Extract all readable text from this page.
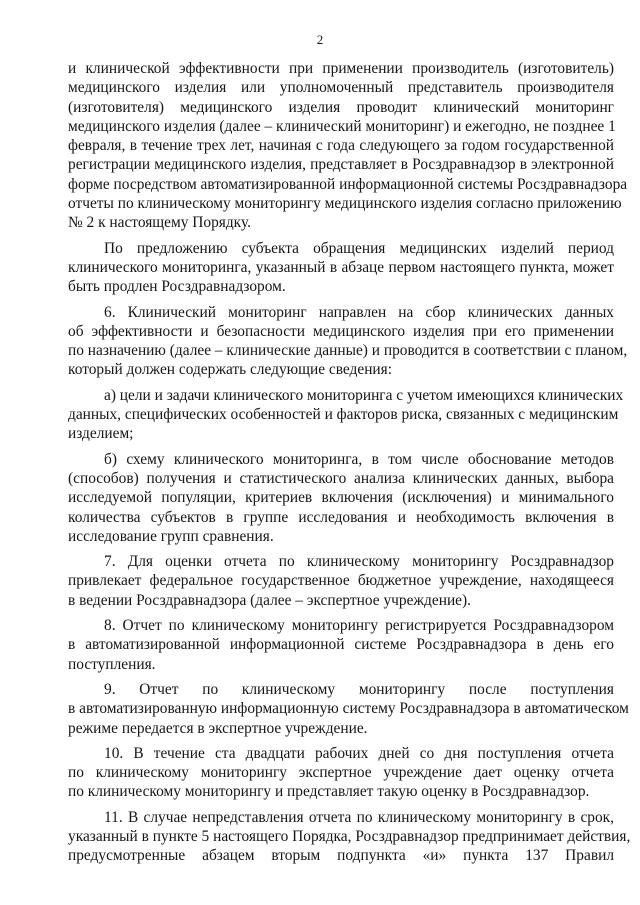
2
и клинической эффективности при применении производитель (изготовитель)
медицинского изделия или уполномоченный представитель производителя
(изготовителя) медицинского изделия проводит клинический мониторинг
медицинского изделия (далее – клинический мониторинг) и ежегодно, не позднее 1
февраля, в течение трех лет, начиная с года следующего за годом государственной
регистрации медицинского изделия, представляет в Росздравнадзор в электронной
форме посредством автоматизированной информационной системы Росздравнадзора
отчеты по клиническому мониторингу медицинского изделия согласно приложению
№ 2 к настоящему Порядку.
По предложению субъекта обращения медицинских изделий период
клинического мониторинга, указанный в абзаце первом настоящего пункта, может
быть продлен Росздравнадзором.
6. Клинический мониторинг направлен на сбор клинических данных
об эффективности и безопасности медицинского изделия при его применении
по назначению (далее – клинические данные) и проводится в соответствии с планом,
который должен содержать следующие сведения:
а) цели и задачи клинического мониторинга с учетом имеющихся клинических
данных, специфических особенностей и факторов риска, связанных с медицинским
изделием;
б) схему клинического мониторинга, в том числе обоснование методов
(способов) получения и статистического анализа клинических данных, выбора
исследуемой популяции, критериев включения (исключения) и минимального
количества субъектов в группе исследования и необходимость включения в
исследование групп сравнения.
7. Для оценки отчета по клиническому мониторингу Росздравнадзор
привлекает федеральное государственное бюджетное учреждение, находящееся
в ведении Росздравнадзора (далее – экспертное учреждение).
8. Отчет по клиническому мониторингу регистрируется Росздравнадзором
в автоматизированной информационной системе Росздравнадзора в день его
поступления.
9. Отчет по клиническому мониторингу после поступления
в автоматизированную информационную систему Росздравнадзора в автоматическом
режиме передается в экспертное учреждение.
10. В течение ста двадцати рабочих дней со дня поступления отчета
по клиническому мониторингу экспертное учреждение дает оценку отчета
по клиническому мониторингу и представляет такую оценку в Росздравнадзор.
11. В случае непредставления отчета по клиническому мониторингу в срок,
указанный в пункте 5 настоящего Порядка, Росздравнадзор предпринимает действия,
предусмотренные абзацем вторым подпункта «и» пункта 137 Правил
